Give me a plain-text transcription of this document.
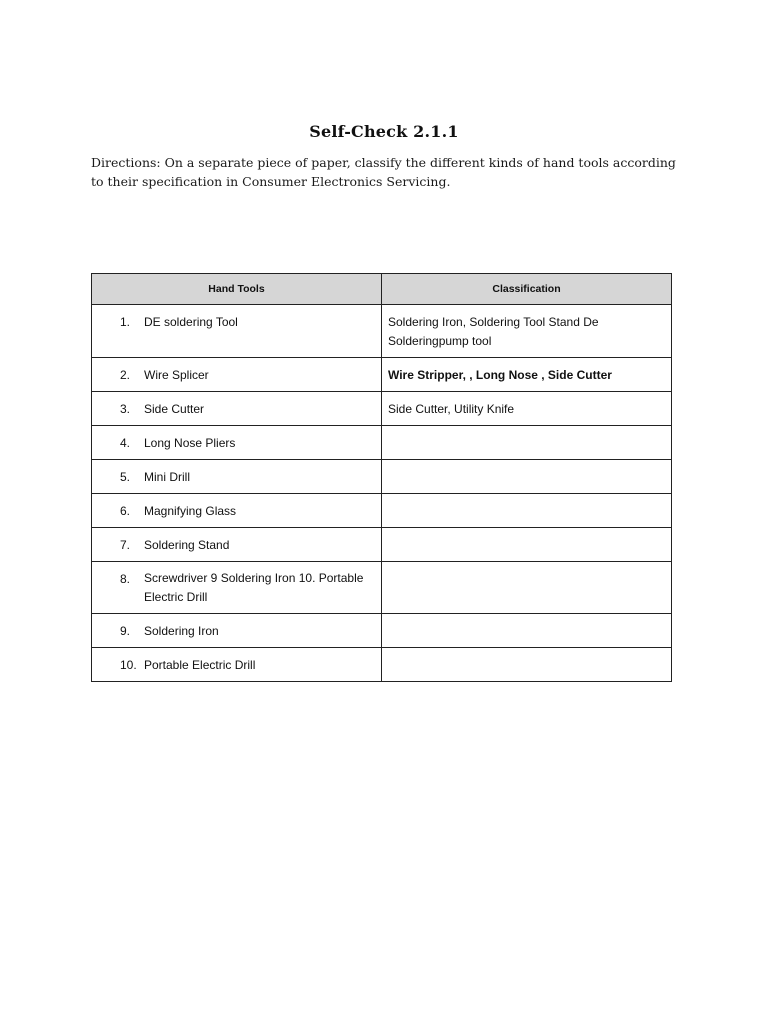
Self-Check 2.1.1

Directions: On a separate piece of paper, classify the different kinds of hand tools according to their specification in Consumer Electronics Servicing.

Hand Tools	Classification

1. DE soldering Tool	Soldering Iron, Soldering Tool Stand De Solderingpump tool

2. Wire Splicer	Wire Stripper, , Long Nose , Side Cutter

3. Side Cutter	Side Cutter, Utility Knife

4. Long Nose Pliers	

5. Mini Drill	

6. Magnifying Glass	

7. Soldering Stand	

8. Screwdriver 9 Soldering Iron 10. Portable Electric Drill	

9. Soldering Iron	

10. Portable Electric Drill	
